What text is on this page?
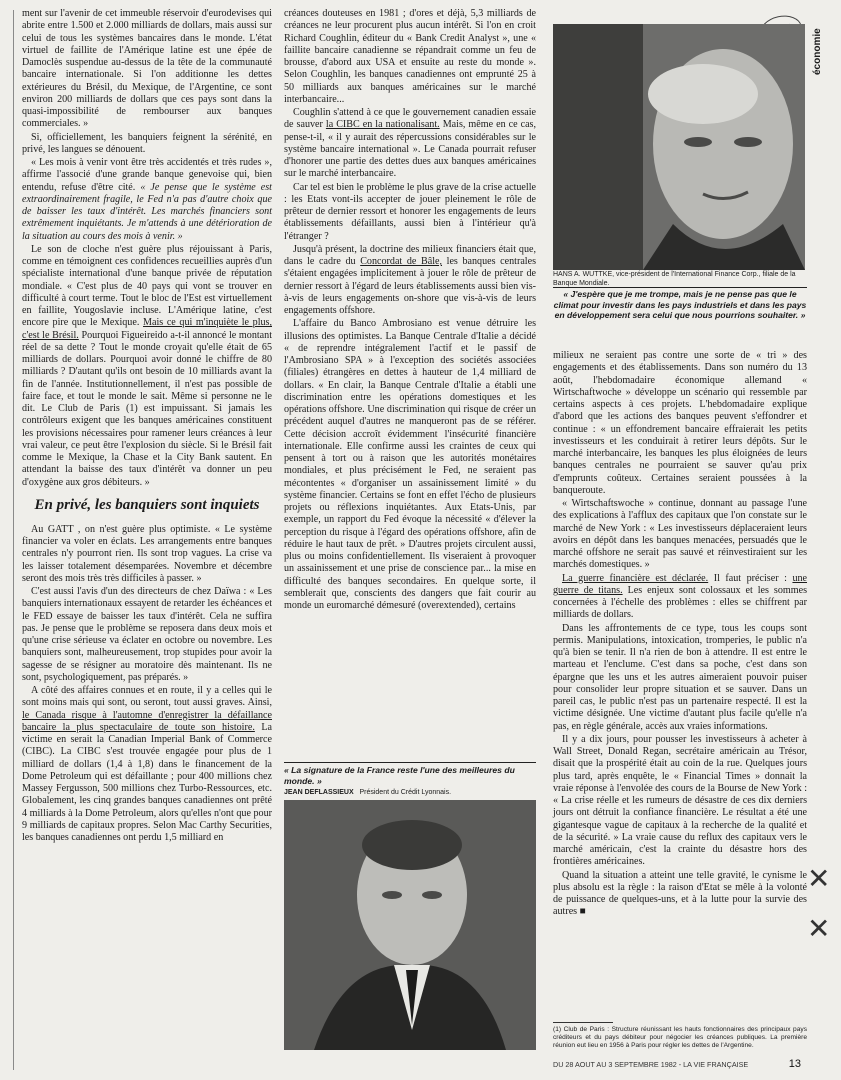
économie

ment sur l'avenir de cet immeuble réservoir d'eurodevises qui abrite entre 1.500 et 2.000 milliards de dollars, mais aussi sur celui de tous les systèmes bancaires dans le monde. L'état virtuel de faillite de l'Amérique latine est une épée de Damoclès suspendue au-dessus de la tête de la communauté bancaire internationale. Si l'on additionne les dettes extérieures du Brésil, du Mexique, de l'Argentine, ce sont environ 200 milliards de dollars que ces pays sont dans la quasi-impossibilité de rembourser aux banques commerciales. »

Si, officiellement, les banquiers feignent la sérénité, en privé, les langues se dénouent.

« Les mois à venir vont être très accidentés et très rudes », affirme l'associé d'une grande banque genevoise qui, bien entendu, refuse d'être cité. « Je pense que le système est extraordinairement fragile, le Fed n'a pas d'autre choix que de baisser les taux d'intérêt. Les marchés financiers sont extrêmement inquiétants. Je m'attends à une détérioration de la situation au cours des mois à venir. »

Le son de cloche n'est guère plus réjouissant à Paris, comme en témoignent ces confidences recueillies auprès d'un spécialiste international d'une banque privée de réputation mondiale. « C'est plus de 40 pays qui vont se trouver en difficulté à court terme. Tout le bloc de l'Est est virtuellement en faillite, Yougoslavie incluse. L'Amérique latine, c'est encore pire que le Mexique. Mais ce qui m'inquiète le plus, c'est le Brésil. Pourquoi Figueireido a-t-il annoncé le montant réel de sa dette ? Tout le monde croyait qu'elle était de 65 milliards de dollars. Pourquoi avoir donné le chiffre de 80 milliards ? D'autant qu'ils ont besoin de 10 milliards avant la fin de l'année. Institutionnellement, il n'est pas possible de faire face, et tout le monde le sait. Même si personne ne le dit. Le Club de Paris (1) est impuissant. Si jamais les contrôleurs exigent que les banques américaines constituent les provisions nécessaires pour ramener leurs créances à leur vrai valeur, ce peut être l'explosion du siècle. Si le Brésil fait comme le Mexique, la Chase et la City Bank sautent. En attendant la baisse des taux d'intérêt va donner un peu d'oxygène aux gros débiteurs. »

En privé, les banquiers sont inquiets

Au GATT , on n'est guère plus optimiste. « Le système financier va voler en éclats. Les arrangements entre banques centrales n'y pourront rien. Ils sont trop vagues. La crise va les laisser totalement désemparées. Novembre et décembre seront des mois très très difficiles à passer. »

C'est aussi l'avis d'un des directeurs de chez Daïwa : « Les banquiers internationaux essayent de retarder les échéances et le FED essaye de baisser les taux d'intérêt. Cela ne suffira pas. Je pense que le problème se reposera dans deux mois et qu'une crise sérieuse va éclater en octobre ou novembre. Les banquiers sont, malheureusement, trop stupides pour avoir la sagesse de se résigner au moratoire dès maintenant. Ils ne sont, psychologiquement, pas préparés. »

A côté des affaires connues et en route, il y a celles qui le sont moins mais qui sont, ou seront, tout aussi graves. Ainsi, le Canada risque à l'automne d'enregistrer la défaillance bancaire la plus spectaculaire de toute son histoire. La victime en serait la Canadian Imperial Bank of Commerce (CIBC). La CIBC s'est trouvée engagée pour plus de 1 milliard de dollars (1,4 à 1,8) dans le financement de la Dome Petroleum qui est défaillante ; pour 400 millions chez Massey Fergusson, 500 millions chez Turbo-Ressources, etc. Globalement, les cinq grandes banques canadiennes ont prêté 4 milliards à la Dome Petroleum, alors qu'elles n'ont que pour 9 milliards de capitaux propres. Selon Mac Carthy Securities, les banques canadiennes ont perdu 1,5 milliard en

créances douteuses en 1981 ; d'ores et déjà, 5,3 milliards de créances ne leur procurent plus aucun intérêt. Si l'on en croit Richard Coughlin, éditeur du « Bank Credit Analyst », une « faillite bancaire canadienne se répandrait comme un feu de brousse, d'abord aux USA et ensuite au reste du monde ». Selon Coughlin, les banques canadiennes ont emprunté 25 à 50 milliards aux banques américaines sur le marché interbancaire...

Coughlin s'attend à ce que le gouvernement canadien essaie de sauver la CIBC en la nationalisant. Mais, même en ce cas, pense-t-il, « il y aurait des répercussions considérables sur le système bancaire international ». Le Canada pourrait refuser d'honorer une partie des dettes dues aux banques américaines sur le marché interbancaire.

Car tel est bien le problème le plus grave de la crise actuelle : les Etats vont-ils accepter de jouer pleinement le rôle de prêteur de dernier ressort et honorer les engagements de leurs établissements défaillants, aussi bien à l'intérieur qu'à l'étranger ?

Jusqu'à présent, la doctrine des milieux financiers était que, dans le cadre du Concordat de Bâle, les banques centrales s'étaient engagées implicitement à jouer le rôle de prêteur de dernier ressort à l'égard de leurs établissements aussi bien vis-à-vis de leurs engagements on-shore que vis-à-vis de leurs engagements offshore.

L'affaire du Banco Ambrosiano est venue détruire les illusions des optimistes. La Banque Centrale d'Italie a décidé « de reprendre intégralement l'actif et le passif de l'Ambrosiano SPA » à l'exception des sociétés associées (filiales) étrangères en dettes à hauteur de 1,4 milliard de dollars. « En clair, la Banque Centrale d'Italie a établi une discrimination entre les opérations domestiques et les opérations offshore. Une discrimination qui risque de créer un précédent auquel d'autres ne manqueront pas de se référer. Cette décision accroît évidemment l'insécurité financière internationale. Elle confirme aussi les craintes de ceux qui pensent à tort ou à raison que les autorités monétaires mondiales, et plus précisément le Fed, ne seraient pas mécontentes « d'organiser un assainissement limité » du système financier. Certains se font en effet l'écho de plusieurs projets ou réflexions inquiétantes. Aux Etats-Unis, par exemple, un rapport du Fed évoque la nécessité « d'élever la perception du risque à l'égard des opérations offshore, afin de réduire le haut taux de prêt. » D'autres projets circulent aussi, plus ou moins confidentiellement. Ils viseraient à provoquer un assainissement et une prise de conscience par... la mise en difficulté des banques secondaires. En quelque sorte, il semblerait que, conscients des dangers que fait courir au monde un euromarché démesuré (overextended), certains

HANS A. WUTTKE, vice-président de l'International Finance Corp., filiale de la Banque Mondiale.
« J'espère que je me trompe, mais je ne pense pas que le climat pour investir dans les pays industriels et dans les pays en développement sera celui que nous pourrions souhaiter. »

milieux ne seraient pas contre une sorte de « tri » des engagements et des établissements. Dans son numéro du 13 août, l'hebdomadaire économique allemand « Wirtschaftwoche » développe un scénario qui ressemble par certains aspects à ces projets. L'hebdomadaire explique d'abord que les actions des banques peuvent s'effondrer et continue : « un effondrement bancaire effraierait les petits investisseurs et les conduirait à retirer leurs dépôts. Sur le marché interbancaire, les banques les plus éloignées de leurs banques centrales ne pourraient se sauver qu'au prix d'emprunts coûteux. Certaines seraient poussées à la banqueroute.

« Wirtschaftswoche » continue, donnant au passage l'une des explications à l'afflux des capitaux que l'on constate sur le marché de New York : « Les investisseurs déplaceraient leurs avoirs en dépôt dans les banques menacées, persuadés que le marché offshore ne serait pas sauvé et réinvestiraient sur les marchés domestiques. »

La guerre financière est déclarée. Il faut préciser : une guerre de titans. Les enjeux sont colossaux et les sommes concernées à l'échelle des problèmes : elles se chiffrent par milliards de dollars.

Dans les affrontements de ce type, tous les coups sont permis. Manipulations, intoxication, tromperies, le public n'a qu'à bien se tenir. Il n'a rien de bon à attendre. Il est entre le marteau et l'enclume. C'est dans sa poche, c'est dans son épargne que les uns et les autres aimeraient pouvoir puiser pour consolider leur propre situation et se sauver. Dans un pareil cas, le public n'est pas un partenaire respecté. Il est la victime désignée. Une victime d'autant plus facile qu'elle n'a pas, en règle générale, accès aux vraies informations.

Il y a dix jours, pour pousser les investisseurs à acheter à Wall Street, Donald Regan, secrétaire américain au Trésor, disait que la prospérité était au coin de la rue. Quelques jours plus tard, après enquête, le « Financial Times » donnait la vraie réponse à l'envolée des cours de la Bourse de New York : « La crise réelle et les rumeurs de désastre de ces dix derniers jours ont détruit la confiance financière. Le résultat a été une gigantesque vague de capitaux à la recherche de la qualité et de la sécurité. » La vraie cause du reflux des capitaux vers le marché américain, c'est la crainte du désastre hors des frontières américaines.

Quand la situation a atteint une telle gravité, le cynisme le plus absolu est la règle : la raison d'Etat se mêle à la volonté de puissance de quelques-uns, et à la lutte pour la survie des autres ■

« La signature de la France reste l'une des meilleures du monde. »
JEAN DEFLASSIEUX Président du Crédit Lyonnais.
(1) Club de Paris : Structure réunissant les hauts fonctionnaires des principaux pays créditeurs et du pays débiteur pour négocier les créances publiques. La première réunion eut lieu en 1956 à Paris pour régler les dettes de l'Argentine.
DU 28 AOUT AU 3 SEPTEMBRE 1982 - LA VIE FRANÇAISE	13
✕
✕
